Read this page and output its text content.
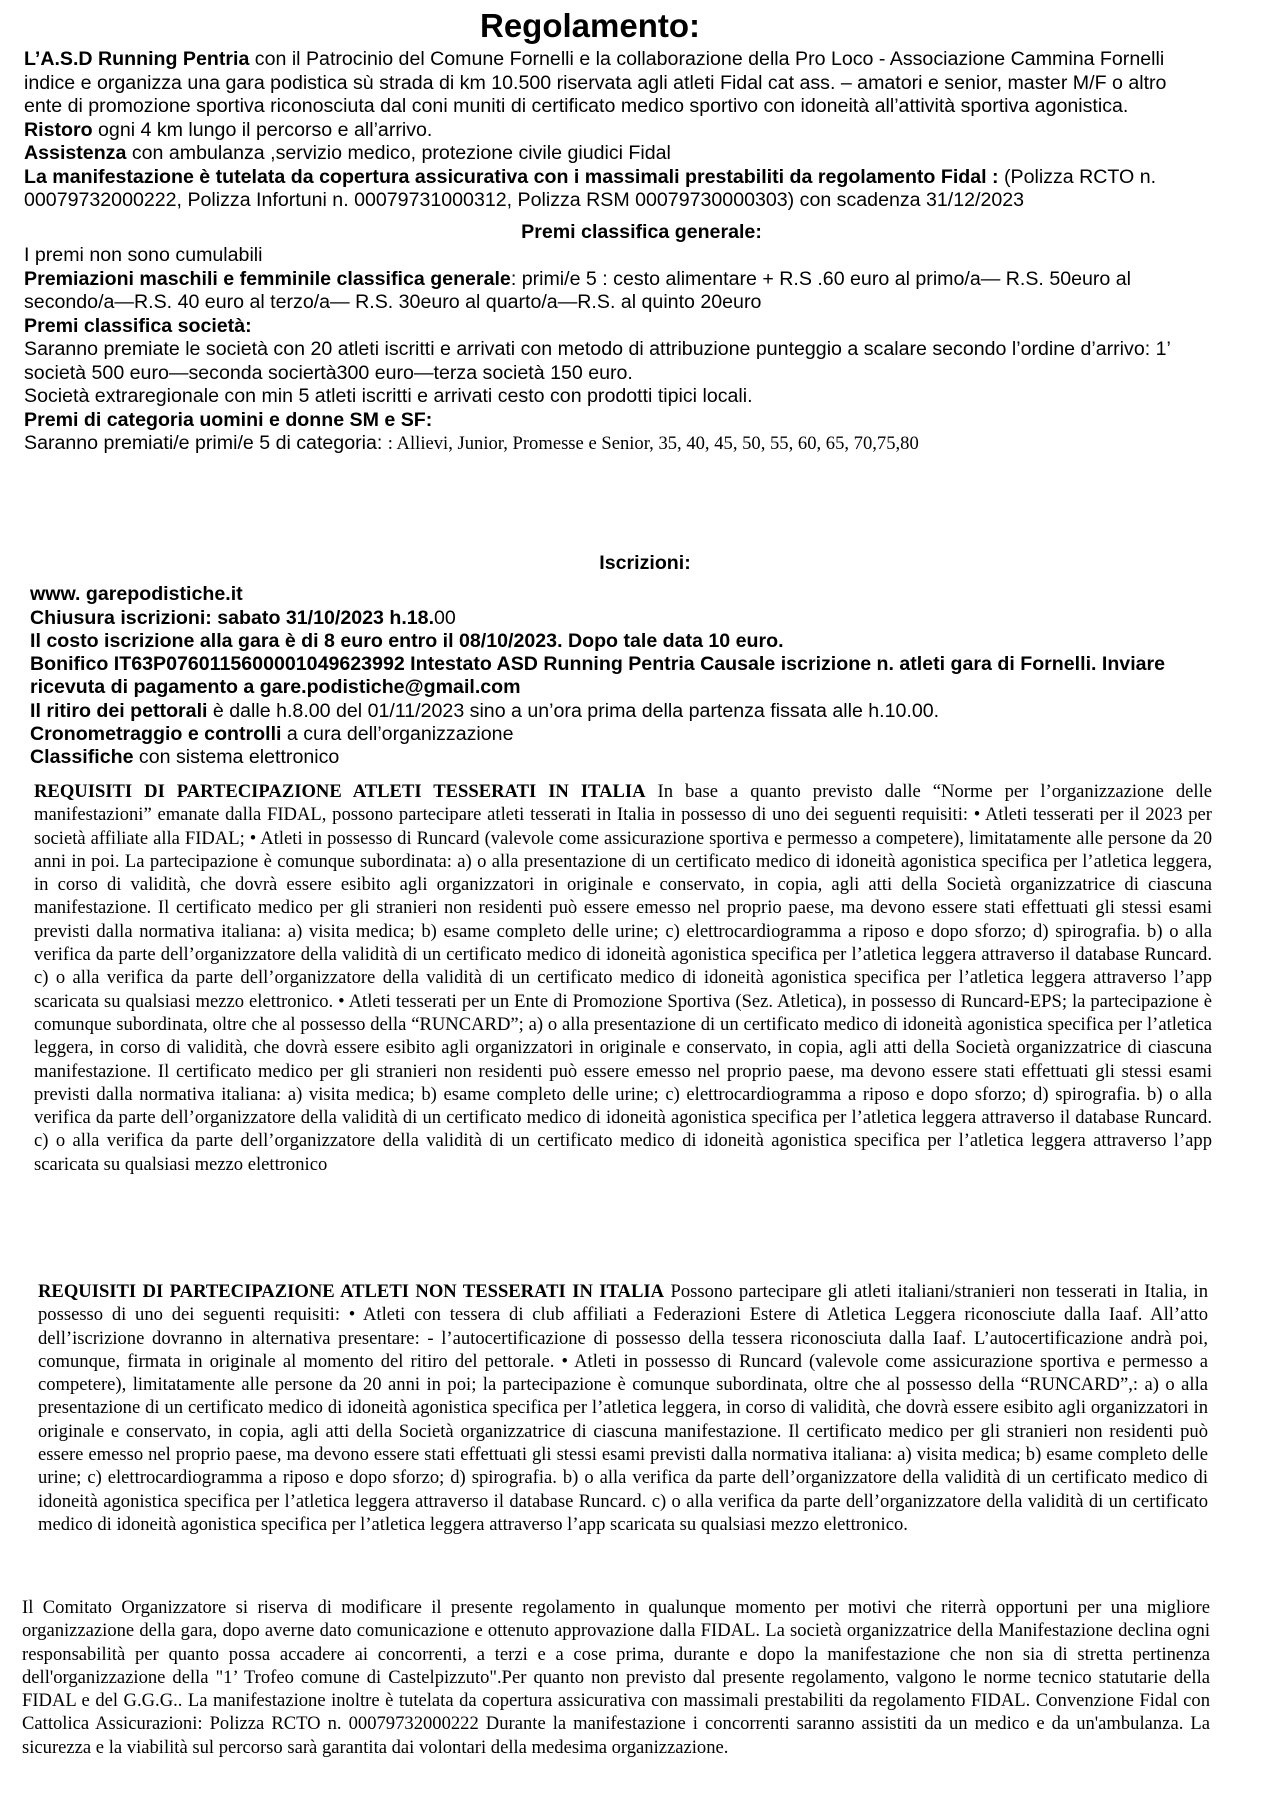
Regolamento:

L’A.S.D Running Pentria con il Patrocinio del Comune Fornelli e la collaborazione della Pro Loco - Associazione Cammina Fornelli indice e organizza una gara podistica sù strada di km 10.500 riservata agli atleti Fidal cat ass. – amatori e senior, master M/F o altro ente di promozione sportiva riconosciuta dal coni muniti di certificato medico sportivo con idoneità all’attività sportiva agonistica.

Ristoro ogni 4 km lungo il percorso e all’arrivo.

Assistenza con ambulanza ,servizio medico, protezione civile giudici Fidal

La manifestazione è tutelata da copertura assicurativa con i massimali prestabiliti da regolamento Fidal : (Polizza RCTO n. 00079732000222, Polizza Infortuni n. 00079731000312, Polizza RSM 00079730000303) con scadenza 31/12/2023

Premi classifica generale:

I premi non sono cumulabili

Premiazioni maschili e femminile classifica generale: primi/e 5 : cesto alimentare + R.S .60 euro al primo/a— R.S. 50euro al secondo/a—R.S. 40 euro al terzo/a— R.S. 30euro al quarto/a—R.S. al quinto 20euro

Premi classifica società:

Saranno premiate le società con 20 atleti iscritti e arrivati con metodo di attribuzione punteggio a scalare secondo l’ordine d’arrivo: 1’ società 500 euro—seconda sociertà300 euro—terza società 150 euro.

Società extraregionale con min 5 atleti iscritti e arrivati cesto con prodotti tipici locali.

Premi di categoria uomini e donne SM e SF:

Saranno premiati/e primi/e 5 di categoria: : Allievi, Junior, Promesse e Senior, 35, 40, 45, 50, 55, 60, 65, 70,75,80

Iscrizioni:

www. garepodistiche.it

Chiusura iscrizioni: sabato 31/10/2023 h.18.00

Il costo iscrizione alla gara è di 8 euro entro il 08/10/2023. Dopo tale data 10 euro.

Bonifico IT63P0760115600001049623992 Intestato ASD Running Pentria Causale iscrizione n. atleti gara di Fornelli. Inviare ricevuta di pagamento a gare.podistiche@gmail.com

Il ritiro dei pettorali è dalle h.8.00 del 01/11/2023 sino a un’ora prima della partenza fissata alle h.10.00.

Cronometraggio e controlli a cura dell’organizzazione

Classifiche con sistema elettronico

REQUISITI DI PARTECIPAZIONE ATLETI TESSERATI IN ITALIA In base a quanto previsto dalle “Norme per l’organizzazione delle manifestazioni” emanate dalla FIDAL, possono partecipare atleti tesserati in Italia in possesso di uno dei seguenti requisiti: • Atleti tesserati per il 2023 per società affiliate alla FIDAL; • Atleti in possesso di Runcard (valevole come assicurazione sportiva e permesso a competere), limitatamente alle persone da 20 anni in poi. La partecipazione è comunque subordinata: a) o alla presentazione di un certificato medico di idoneità agonistica specifica per l’atletica leggera, in corso di validità, che dovrà essere esibito agli organizzatori in originale e conservato, in copia, agli atti della Società organizzatrice di ciascuna manifestazione. Il certificato medico per gli stranieri non residenti può essere emesso nel proprio paese, ma devono essere stati effettuati gli stessi esami previsti dalla normativa italiana: a) visita medica; b) esame completo delle urine; c) elettrocardiogramma a riposo e dopo sforzo; d) spirografia. b) o alla verifica da parte dell’organizzatore della validità di un certificato medico di idoneità agonistica specifica per l’atletica leggera attraverso il database Runcard. c) o alla verifica da parte dell’organizzatore della validità di un certificato medico di idoneità agonistica specifica per l’atletica leggera attraverso l’app scaricata su qualsiasi mezzo elettronico. • Atleti tesserati per un Ente di Promozione Sportiva (Sez. Atletica), in possesso di Runcard-EPS; la partecipazione è comunque subordinata, oltre che al possesso della “RUNCARD”; a) o alla presentazione di un certificato medico di idoneità agonistica specifica per l’atletica leggera, in corso di validità, che dovrà essere esibito agli organizzatori in originale e conservato, in copia, agli atti della Società organizzatrice di ciascuna manifestazione. Il certificato medico per gli stranieri non residenti può essere emesso nel proprio paese, ma devono essere stati effettuati gli stessi esami previsti dalla normativa italiana: a) visita medica; b) esame completo delle urine; c) elettrocardiogramma a riposo e dopo sforzo; d) spirografia. b) o alla verifica da parte dell’organizzatore della validità di un certificato medico di idoneità agonistica specifica per l’atletica leggera attraverso il database Runcard. c) o alla verifica da parte dell’organizzatore della validità di un certificato medico di idoneità agonistica specifica per l’atletica leggera attraverso l’app scaricata su qualsiasi mezzo elettronico

REQUISITI DI PARTECIPAZIONE ATLETI NON TESSERATI IN ITALIA Possono partecipare gli atleti italiani/stranieri non tesserati in Italia, in possesso di uno dei seguenti requisiti: • Atleti con tessera di club affiliati a Federazioni Estere di Atletica Leggera riconosciute dalla Iaaf. All’atto dell’iscrizione dovranno in alternativa presentare: - l’autocertificazione di possesso della tessera riconosciuta dalla Iaaf. L’autocertificazione andrà poi, comunque, firmata in originale al momento del ritiro del pettorale. • Atleti in possesso di Runcard (valevole come assicurazione sportiva e permesso a competere), limitatamente alle persone da 20 anni in poi; la partecipazione è comunque subordinata, oltre che al possesso della “RUNCARD”,: a) o alla presentazione di un certificato medico di idoneità agonistica specifica per l’atletica leggera, in corso di validità, che dovrà essere esibito agli organizzatori in originale e conservato, in copia, agli atti della Società organizzatrice di ciascuna manifestazione. Il certificato medico per gli stranieri non residenti può essere emesso nel proprio paese, ma devono essere stati effettuati gli stessi esami previsti dalla normativa italiana: a) visita medica; b) esame completo delle urine; c) elettrocardiogramma a riposo e dopo sforzo; d) spirografia. b) o alla verifica da parte dell’organizzatore della validità di un certificato medico di idoneità agonistica specifica per l’atletica leggera attraverso il database Runcard. c) o alla verifica da parte dell’organizzatore della validità di un certificato medico di idoneità agonistica specifica per l’atletica leggera attraverso l’app scaricata su qualsiasi mezzo elettronico.

Il Comitato Organizzatore si riserva di modificare il presente regolamento in qualunque momento per motivi che riterrà opportuni per una migliore organizzazione della gara, dopo averne dato comunicazione e ottenuto approvazione dalla FIDAL. La società organizzatrice della Manifestazione declina ogni responsabilità per quanto possa accadere ai concorrenti, a terzi e a cose prima, durante e dopo la manifestazione che non sia di stretta pertinenza dell'organizzazione della "1’ Trofeo comune di Castelpizzuto".Per quanto non previsto dal presente regolamento, valgono le norme tecnico statutarie della FIDAL e del G.G.G.. La manifestazione inoltre è tutelata da copertura assicurativa con massimali prestabiliti da regolamento FIDAL. Convenzione Fidal con Cattolica Assicurazioni: Polizza RCTO n. 00079732000222 Durante la manifestazione i concorrenti saranno assistiti da un medico e da un'ambulanza. La sicurezza e la viabilità sul percorso sarà garantita dai volontari della medesima organizzazione.
